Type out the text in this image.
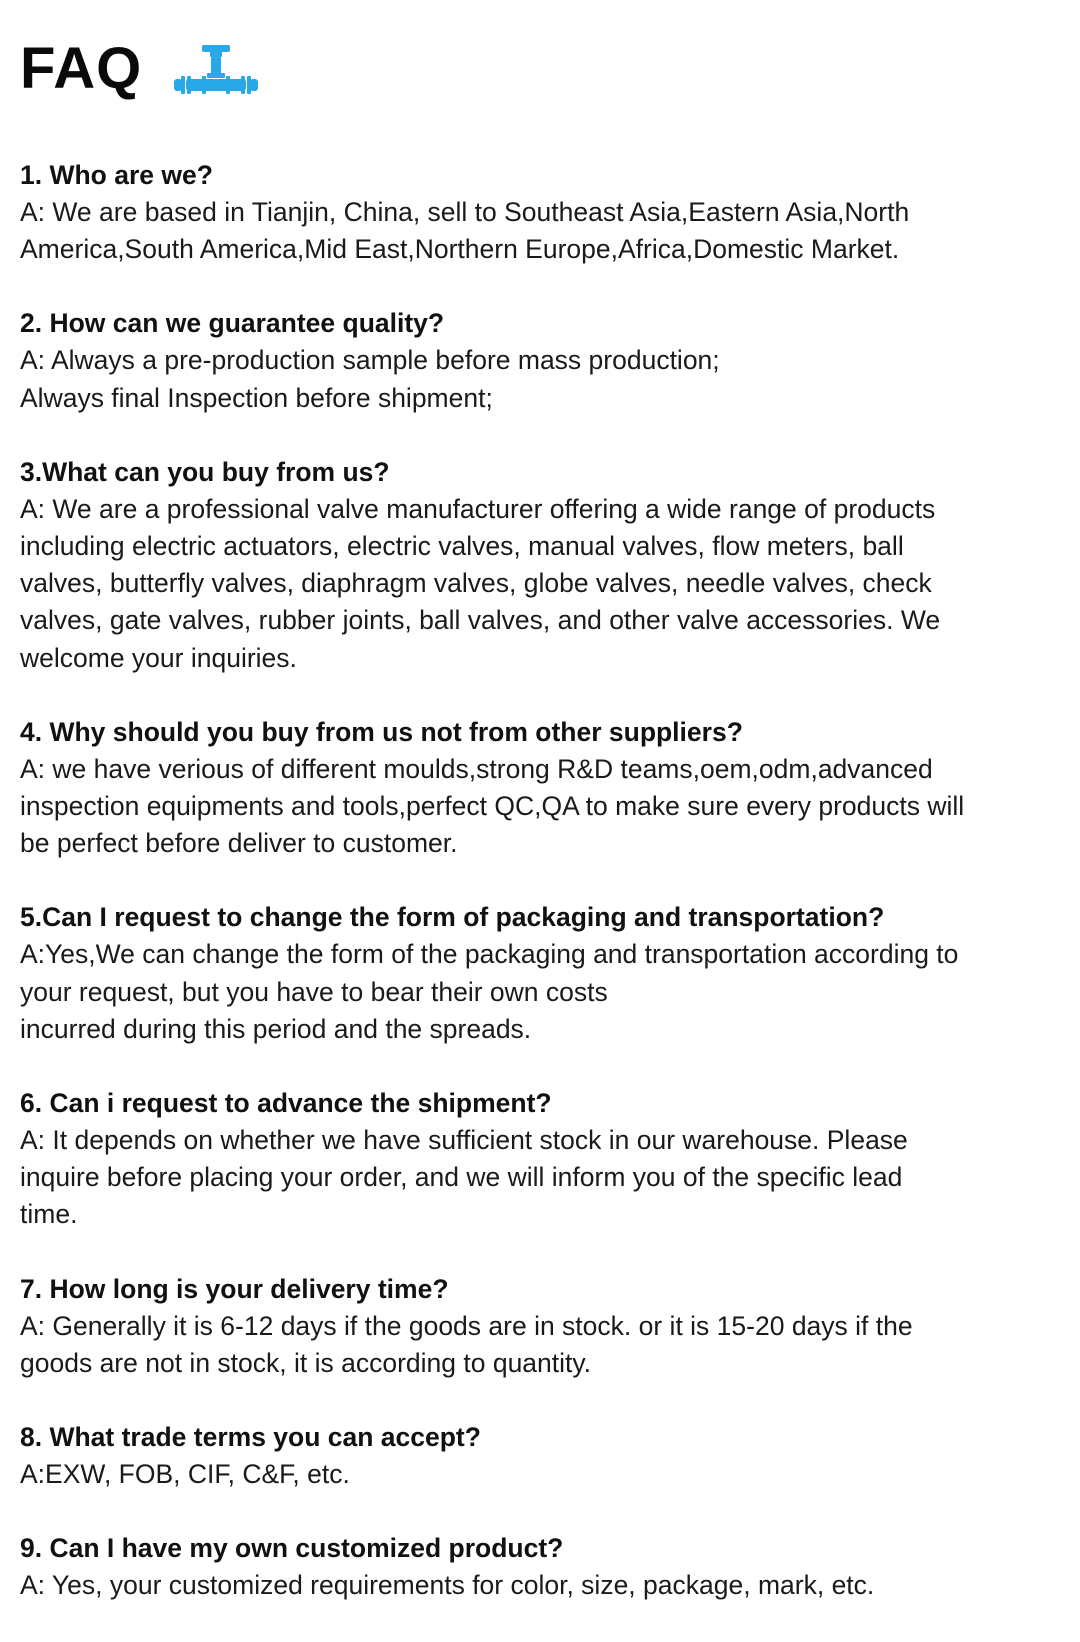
FAQ
1. Who are we?
A: We are based in Tianjin, China, sell to Southeast Asia,Eastern Asia,North
America,South America,Mid East,Northern Europe,Africa,Domestic Market.
2. How can we guarantee quality?
A: Always a pre-production sample before mass production;
Always final Inspection before shipment;
3.What can you buy from us?
A: We are a professional valve manufacturer offering a wide range of products
including electric actuators, electric valves, manual valves, flow meters, ball
valves, butterfly valves, diaphragm valves, globe valves, needle valves, check
valves, gate valves, rubber joints, ball valves, and other valve accessories. We
welcome your inquiries.
4. Why should you buy from us not from other suppliers?
A: we have verious of different moulds,strong R&D teams,oem,odm,advanced
inspection equipments and tools,perfect QC,QA to make sure every products will
be perfect before deliver to customer.
5.Can I request to change the form of packaging and transportation?
A:Yes,We can change the form of the packaging and transportation according to
your request, but you have to bear their own costs
incurred during this period and the spreads.
6. Can i request to advance the shipment?
A: It depends on whether we have sufficient stock in our warehouse. Please
inquire before placing your order, and we will inform you of the specific lead
time.
7. How long is your delivery time?
A: Generally it is 6-12 days if the goods are in stock. or it is 15-20 days if the
goods are not in stock, it is according to quantity.
8. What trade terms you can accept?
A:EXW, FOB, CIF, C&F, etc.
9. Can I have my own customized product?
A: Yes, your customized requirements for color, size, package, mark, etc.
